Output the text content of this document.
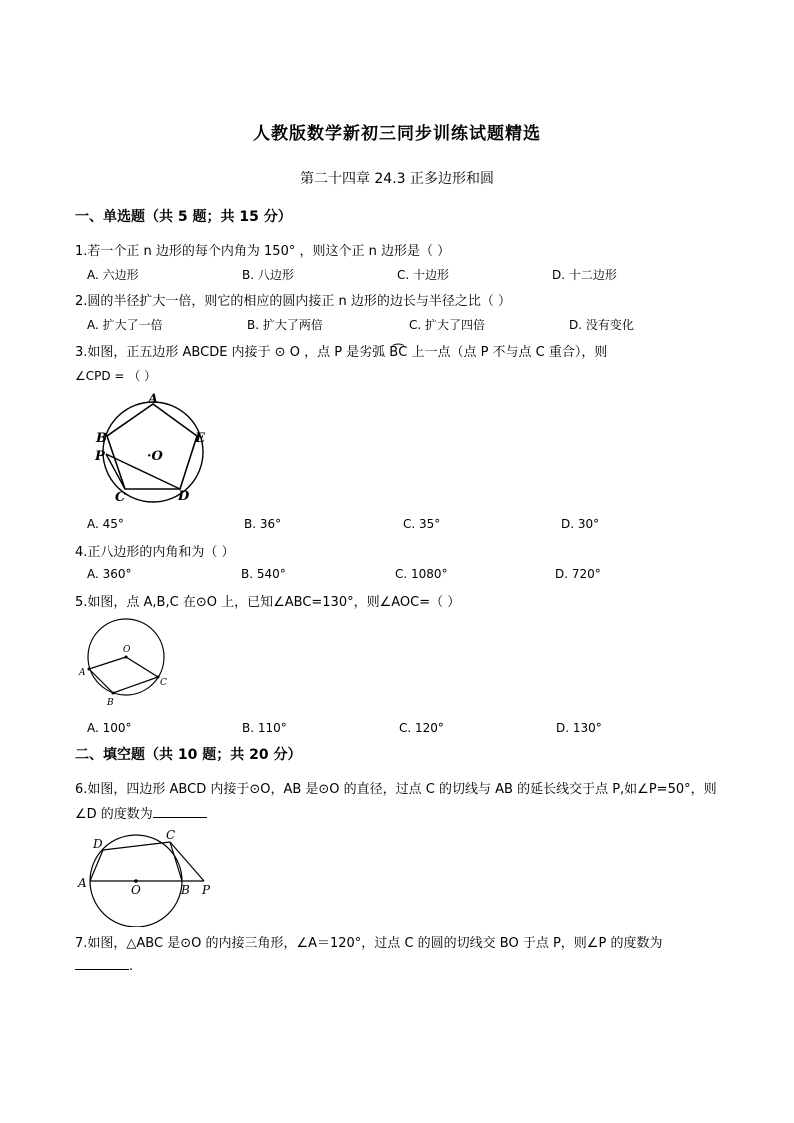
人教版数学新初三同步训练试题精选
第二十四章 24.3 正多边形和圆
一、单选题（共 5 题；共 15 分）
1.若一个正 n 边形的每个内角为 150° ，则这个正 n 边形是（ ）
A. 六边形	B. 八边形	C. 十边形	D. 十二边形
2.圆的半径扩大一倍，则它的相应的圆内接正 n 边形的边长与半径之比（ ）
A. 扩大了一倍	B. 扩大了两倍	C. 扩大了四倍	D. 没有变化
3.如图，正五边形 ABCDE 内接于 ⊙ O ，点 P 是劣弧 B͡C 上一点（点 P 不与点 C 重合），则
∠CPD = （ ）
A
B
P
C	D
E
·O
A. 45°	B. 36°	C. 35°	D. 30°
4.正八边形的内角和为（ ）
A. 360°	B. 540°	C. 1080°	D. 720°
5.如图，点 A,B,C 在⊙O 上，已知∠ABC=130°，则∠AOC=（ ）
O
A
B
C
A. 100°	B. 110°	C. 120°	D. 130°
二、填空题（共 10 题；共 20 分）
6.如图，四边形 ABCD 内接于⊙O，AB 是⊙O 的直径，过点 C 的切线与 AB 的延长线交于点 P,如∠P=50°，则
∠D 的度数为
A
D
C
O	B P
7.如图，△ABC 是⊙O 的内接三角形，∠A＝120°，过点 C 的圆的切线交 BO 于点 P，则∠P 的度数为
.
